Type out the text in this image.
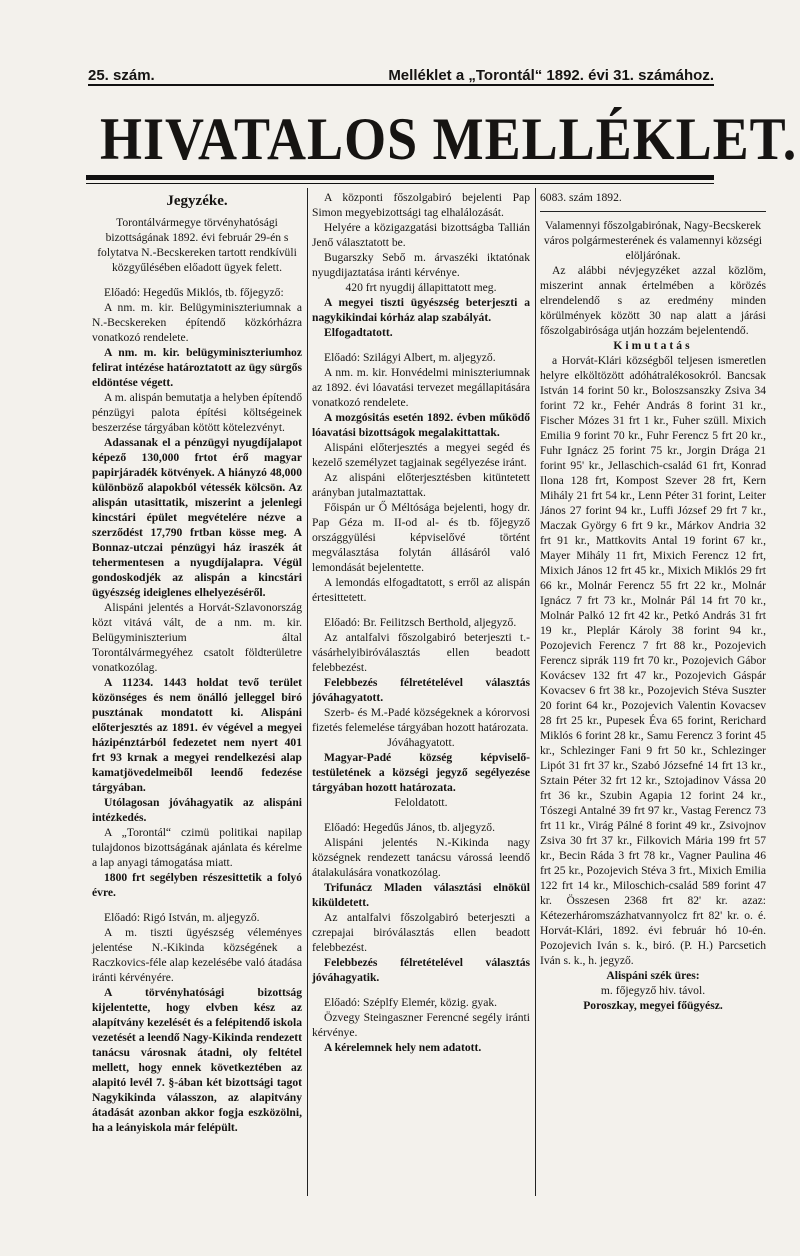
25. szám.	Melléklet a „Torontál“ 1892. évi 31. számához.
HIVATALOS MELLÉKLET.

Jegyzéke.

Torontálvármegye törvényhatósági bizottságának 1892. évi február 29-én s folytatva N.-Becskereken tartott rendkívüli közgyűlésében előadott ügyek felett.

Előadó: Hegedűs Miklós, tb. főjegyző:

A nm. m. kir. Belügyminiszteriumnak a N.-Becskereken építendő közkórházra vonatkozó rendelete.

A nm. m. kir. belügyminiszteriumhoz felirat intézése határoztatott az ügy sürgős eldöntése végett.

A m. alispán bemutatja a helyben építendő pénzügyi palota építési költségeinek beszerzése tárgyában kötött kötelezvényt.

Adassanak el a pénzügyi nyugdíjalapot képező 130,000 frtot érő magyar papirjáradék kötvények. A hiányzó 48,000 különböző alapokból vétessék kölcsön. Az alispán utasittatik, miszerint a jelenlegi kincstári épület megvételére nézve a szerződést 17,790 frtban kösse meg. A Bonnaz-utczai pénzügyi ház iraszék át tehermentesen a nyugdíjalapra. Végül gondoskodjék az alispán a kincstári ügyészség ideiglenes elhelyezéséről.

Alispáni jelentés a Horvát-Szlavonország közt vitává vált, de a nm. m. kir. Belügyminiszterium által Torontálvármegyéhez csatolt földterületre vonatkozólag.

A 11234. 1443 holdat tevő terület közönséges és nem önálló jelleggel biró pusztának mondatott ki. Alispáni előterjesztés az 1891. év végével a megyei házipénztárból fedezetet nem nyert 401 frt 93 krnak a megyei rendelkezési alap kamatjövedelmeiből leendő fedezése tárgyában.

Utólagosan jóváhagyatik az alispáni intézkedés.

A „Torontál“ czimü politikai napilap tulajdonos bizottságának ajánlata és kérelme a lap anyagi támogatása miatt.

1800 frt segélyben részesittetik a folyó évre.

Előadó: Rigó István, m. aljegyző.

A m. tiszti ügyészség véleményes jelentése N.-Kikinda községének a Raczkovics-féle alap kezelésébe való átadása iránti kérvényére.

A törvényhatósági bizottság kijelentette, hogy elvben kész az alapítvány kezelését és a felépitendő iskola vezetését a leendő Nagy-Kikinda rendezett tanácsu városnak átadni, oly feltétel mellett, hogy ennek következtében az alapitó levél 7. §-ában két bizottsági tagot Nagykikinda válasszon, az alapitvány átadását azonban akkor fogja eszközölni, ha a leányiskola már felépült.

A központi főszolgabiró bejelenti Pap Simon megyebizottsági tag elhalálozását.

Helyére a közigazgatási bizottságba Tallián Jenő választatott be.

Bugarszky Sebő m. árvaszéki iktatónak nyugdijaztatása iránti kérvénye.

420 frt nyugdij állapittatott meg.

A megyei tiszti ügyészség beterjeszti a nagykikindai kórház alap szabályát.

Elfogadtatott.

Előadó: Szilágyi Albert, m. aljegyző.

A nm. m. kir. Honvédelmi miniszteriumnak az 1892. évi lóavatási tervezet megállapitására vonatkozó rendelete.

A mozgósitás esetén 1892. évben működő lóavatási bizottságok megalakittattak.

Alispáni előterjesztés a megyei segéd és kezelő személyzet tagjainak segélyezése iránt.

Az alispáni előterjesztésben kitüntetett arányban jutalmaztattak.

Főispán ur Ő Méltósága bejelenti, hogy dr. Pap Géza m. II-od al- és tb. főjegyző országgyülési képviselővé történt megválasztása folytán állásáról való lemondását bejelentette.

A lemondás elfogadtatott, s erről az alispán értesittetett.

Előadó: Br. Feilitzsch Berthold, aljegyző.

Az antalfalvi főszolgabiró beterjeszti t.-vásárhelyibiróválasztás ellen beadott felebbezést.

Felebbezés félretételével választás jóváhagyatott.

Szerb- és M.-Padé községeknek a kórorvosi fizetés felemelése tárgyában hozott határozata.

Jóváhagyatott.

Magyar-Padé község képviselő-testületének a községi jegyző segélyezése tárgyában hozott határozata.

Feloldatott.

Előadó: Hegedűs János, tb. aljegyző.

Alispáni jelentés N.-Kikinda nagy községnek rendezett tanácsu várossá leendő átalakulására vonatkozólag.

Trifunácz Mladen választási elnökül kiküldetett.

Az antalfalvi főszolgabiró beterjeszti a czrepajai biróválasztás ellen beadott felebbezést.

Felebbezés félretételével választás jóváhagyatik.

Előadó: Széplfy Elemér, közig. gyak.

Özvegy Steingaszner Ferencné segély iránti kérvénye.

A kérelemnek hely nem adatott.

6083. szám 1892.

Valamennyi főszolgabirónak, Nagy-Becskerek város polgármesterének és valamennyi községi elöljárónak.

Az alábbi névjegyzéket azzal közlöm, miszerint annak értelmében a körözés elrendelendő s az eredmény minden körülmények között 30 nap alatt a járási főszolgabirósága utján hozzám bejelentendő.

Kimutatás

a Horvát-Klári községből teljesen ismeretlen helyre elköltözött adóhátralékosokról. Bancsak István 14 forint 50 kr., Boloszsanszky Zsiva 34 forint 72 kr., Fehér András 8 forint 31 kr., Fischer Mózes 31 frt 1 kr., Fuher szüll. Mixich Emilia 9 forint 70 kr., Fuhr Ferencz 5 frt 20 kr., Fuhr Ignácz 25 forint 75 kr., Jorgin Drága 21 forint 95' kr., Jellaschich-család 61 frt, Konrad Ilona 128 frt, Kompost Szever 28 frt, Kern Mihály 21 frt 54 kr., Lenn Péter 31 forint, Leiter János 27 forint 94 kr., Luffi József 29 frt 7 kr., Maczak György 6 frt 9 kr., Márkov Andria 32 frt 91 kr., Mattkovits Antal 19 forint 67 kr., Mayer Mihály 11 frt, Mixich Ferencz 12 frt, Mixich János 12 frt 45 kr., Mixich Miklós 29 frt 66 kr., Molnár Ferencz 55 frt 22 kr., Molnár Ignácz 7 frt 73 kr., Molnár Pál 14 frt 70 kr., Molnár Palkó 12 frt 42 kr., Petkó András 31 frt 19 kr., Pleplár Károly 38 forint 94 kr., Pozojevich Ferencz 7 frt 88 kr., Pozojevich Ferencz siprák 119 frt 70 kr., Pozojevich Gábor Kovácsev 132 frt 47 kr., Pozojevich Gáspár Kovacsev 6 frt 38 kr., Pozojevich Stéva Suszter 20 forint 64 kr., Pozojevich Valentin Kovacsev 28 frt 25 kr., Pupesek Éva 65 forint, Rerichard Miklós 6 forint 28 kr., Samu Ferencz 3 forint 45 kr., Schlezinger Fani 9 frt 50 kr., Schlezinger Lipót 31 frt 37 kr., Szabó Józsefné 14 frt 13 kr., Sztain Péter 32 frt 12 kr., Sztojadinov Vássa 20 frt 36 kr., Szubin Agapia 12 forint 24 kr., Tószegi Antalné 39 frt 97 kr., Vastag Ferencz 73 frt 11 kr., Virág Pálné 8 forint 49 kr., Zsivojnov Zsiva 30 frt 37 kr., Filkovich Mária 199 frt 57 kr., Becin Ráda 3 frt 78 kr., Vagner Paulina 46 frt 25 kr., Pozojevich Stéva 3 frt., Mixich Emilia 122 frt 14 kr., Miloschich-család 589 forint 47 kr. Összesen 2368 frt 82' kr. azaz: Kétezerháromszázhatvannyolcz frt 82' kr. o. é. Horvát-Klári, 1892. évi február hó 10-én. Pozojevich Iván s. k., biró. (P. H.) Parcsetich Iván s. k., h. jegyző.

Alispáni szék üres:

m. főjegyző hiv. távol.

Poroszkay, megyei főügyész.
